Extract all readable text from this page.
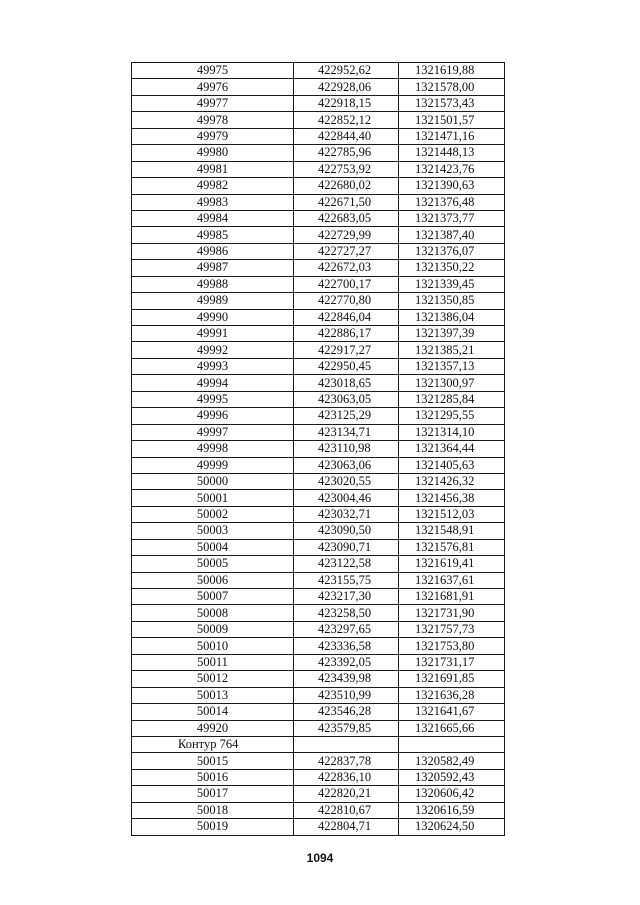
49975	422952,62	1321619,88
49976	422928,06	1321578,00
49977	422918,15	1321573,43
49978	422852,12	1321501,57
49979	422844,40	1321471,16
49980	422785,96	1321448,13
49981	422753,92	1321423,76
49982	422680,02	1321390,63
49983	422671,50	1321376,48
49984	422683,05	1321373,77
49985	422729,99	1321387,40
49986	422727,27	1321376,07
49987	422672,03	1321350,22
49988	422700,17	1321339,45
49989	422770,80	1321350,85
49990	422846,04	1321386,04
49991	422886,17	1321397,39
49992	422917,27	1321385,21
49993	422950,45	1321357,13
49994	423018,65	1321300,97
49995	423063,05	1321285,84
49996	423125,29	1321295,55
49997	423134,71	1321314,10
49998	423110,98	1321364,44
49999	423063,06	1321405,63
50000	423020,55	1321426,32
50001	423004,46	1321456,38
50002	423032,71	1321512,03
50003	423090,50	1321548,91
50004	423090,71	1321576,81
50005	423122,58	1321619,41
50006	423155,75	1321637,61
50007	423217,30	1321681,91
50008	423258,50	1321731,90
50009	423297,65	1321757,73
50010	423336,58	1321753,80
50011	423392,05	1321731,17
50012	423439,98	1321691,85
50013	423510,99	1321636,28
50014	423546,28	1321641,67
49920	423579,85	1321665,66
Контур 764		
50015	422837,78	1320582,49
50016	422836,10	1320592,43
50017	422820,21	1320606,42
50018	422810,67	1320616,59
50019	422804,71	1320624,50
1094
